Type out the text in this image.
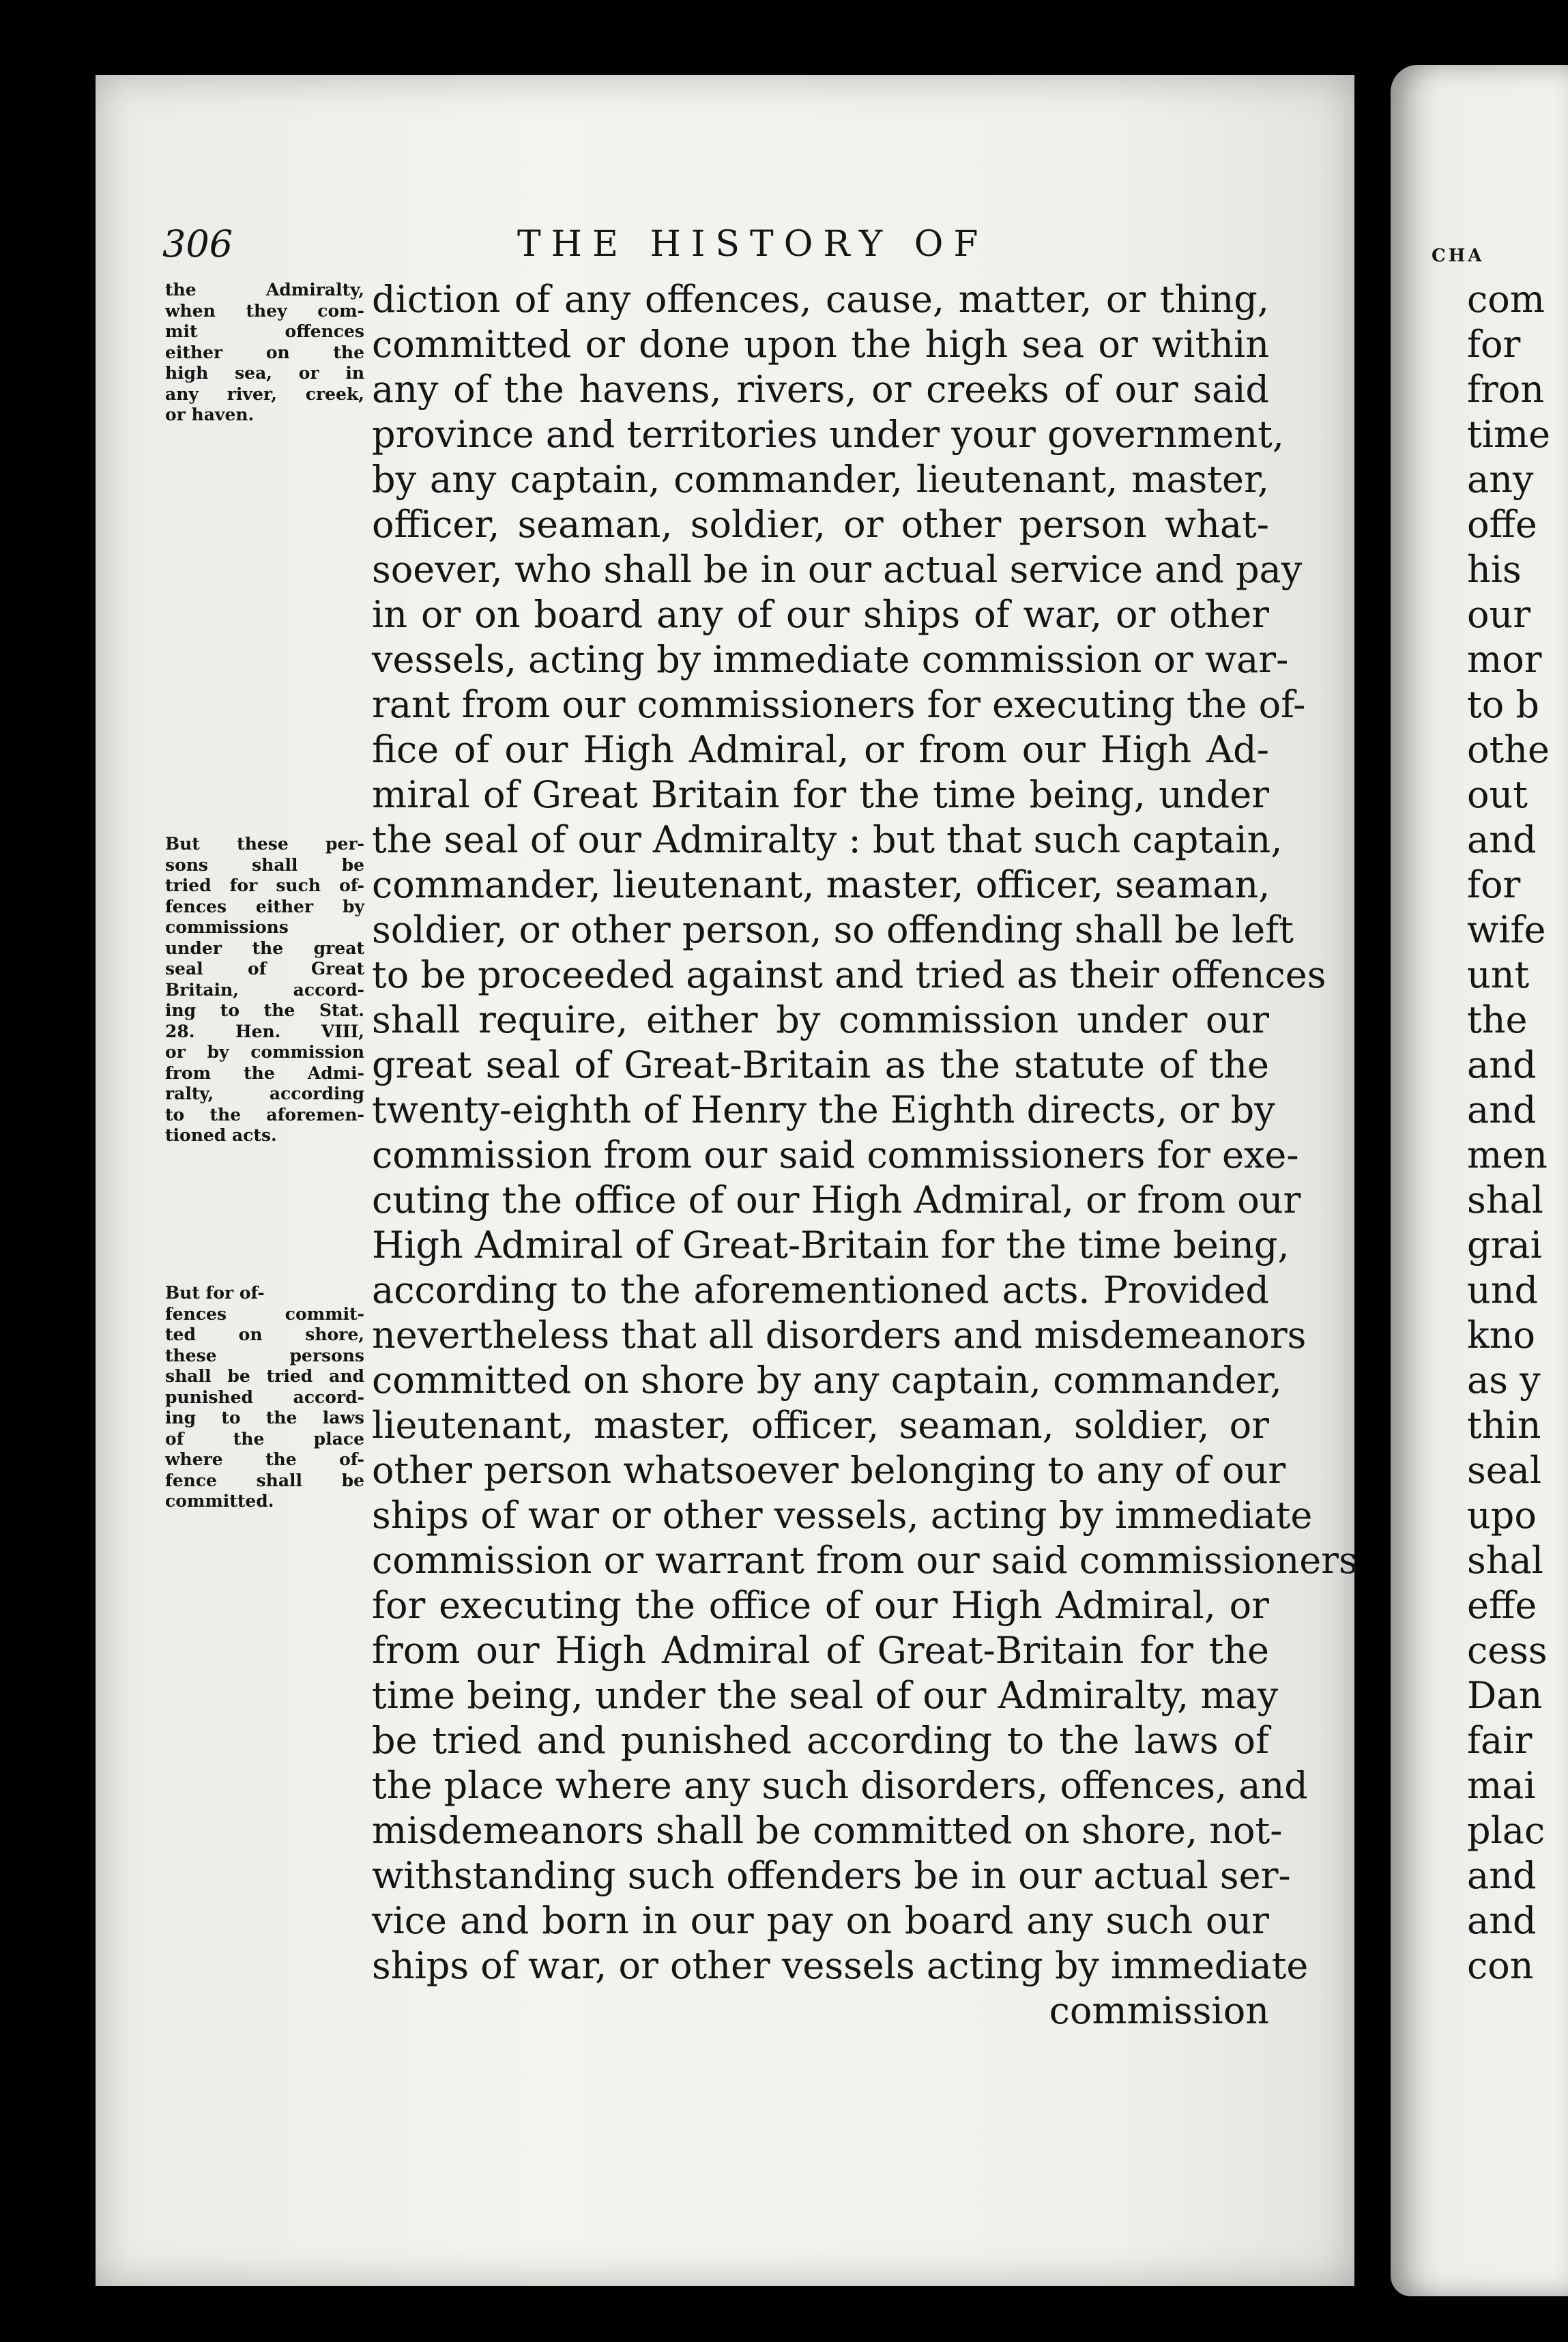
306	THE HISTORY OF
the Admiralty,
when they com-
mit offences
either on the
high sea, or in
any river, creek,
or haven.
But these per-
sons shall be
tried for such of-
fences either by
commissions
under the great
seal of Great
Britain, accord-
ing to the Stat.
28. Hen. VIII,
or by commission
from the Admi-
ralty, according
to the aforemen-
tioned acts.
But for of-
fences commit-
ted on shore,
these persons
shall be tried and
punished accord-
ing to the laws
of the place
where the of-
fence shall be
committed.
diction of any offences, cause, matter, or thing,
committed or done upon the high sea or within
any of the havens, rivers, or creeks of our said
province and territories under your government,
by any captain, commander, lieutenant, master,
officer, seaman, soldier, or other person what-
soever, who shall be in our actual service and pay
in or on board any of our ships of war, or other
vessels, acting by immediate commission or war-
rant from our commissioners for executing the of-
fice of our High Admiral, or from our High Ad-
miral of Great Britain for the time being, under
the seal of our Admiralty : but that such captain,
commander, lieutenant, master, officer, seaman,
soldier, or other person, so offending shall be left
to be proceeded against and tried as their offences
shall require, either by commission under our
great seal of Great-Britain as the statute of the
twenty-eighth of Henry the Eighth directs, or by
commission from our said commissioners for exe-
cuting the office of our High Admiral, or from our
High Admiral of Great-Britain for the time being,
according to the aforementioned acts. Provided
nevertheless that all disorders and misdemeanors
committed on shore by any captain, commander,
lieutenant, master, officer, seaman, soldier, or
other person whatsoever belonging to any of our
ships of war or other vessels, acting by immediate
commission or warrant from our said commissioners
for executing the office of our High Admiral, or
from our High Admiral of Great-Britain for the
time being, under the seal of our Admiralty, may
be tried and punished according to the laws of
the place where any such disorders, offences, and
misdemeanors shall be committed on shore, not-
withstanding such offenders be in our actual ser-
vice and born in our pay on board any such our
ships of war, or other vessels acting by immediate
commission
CHA
com
for
fron
time
any
offe
his
our
mor
to b
othe
out
and
for
wife
unt
the
and
and
men
shal
grai
und
kno
as y
thin
seal
upo
shal
effe
cess
Dan
fair
mai
plac
and
and
con
